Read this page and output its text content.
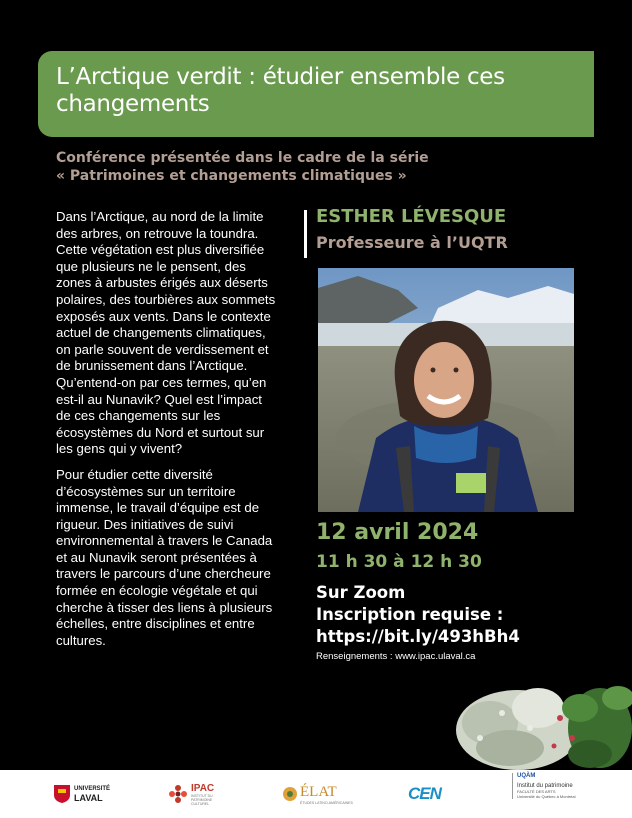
L’Arctique verdit : étudier ensemble ces changements
Conférence présentée dans le cadre de la série
« Patrimoines et changements climatiques »

Dans l’Arctique, au nord de la limite des arbres, on retrouve la toundra. Cette végétation est plus diversifiée que plusieurs ne le pensent, des zones à arbustes érigés aux déserts polaires, des tourbières aux sommets exposés aux vents. Dans le contexte actuel de changements climatiques, on parle souvent de verdissement et de brunissement dans l’Arctique. Qu’entend-on par ces termes, qu’en est-il au Nunavik? Quel est l’impact de ces changements sur les écosystèmes du Nord et surtout sur les gens qui y vivent?

Pour étudier cette diversité d’écosystèmes sur un territoire immense, le travail d’équipe est de rigueur. Des initiatives de suivi environnemental à travers le Canada et au Nunavik seront présentées à travers le parcours d’une chercheure formée en écologie végétale et qui cherche à tisser des liens à plusieurs échelles, entre disciplines et entre cultures.

ESTHER LÉVESQUE
Professeure à l’UQTR
12 avril 2024
11 h 30 à 12 h 30
Sur Zoom
Inscription requise :
https://bit.ly/493hBh4
Renseignements : www.ipac.ulaval.ca
UNIVERSITÉ
LAVAL
IPAC
INSTITUT DU PATRIMOINE CULTUREL
ÉLAT
ÉTUDES LATINO-AMÉRICAINES	CEN
UQÀM
Institut du patrimoine
FACULTÉ DES ARTS
Université du Québec à Montréal
